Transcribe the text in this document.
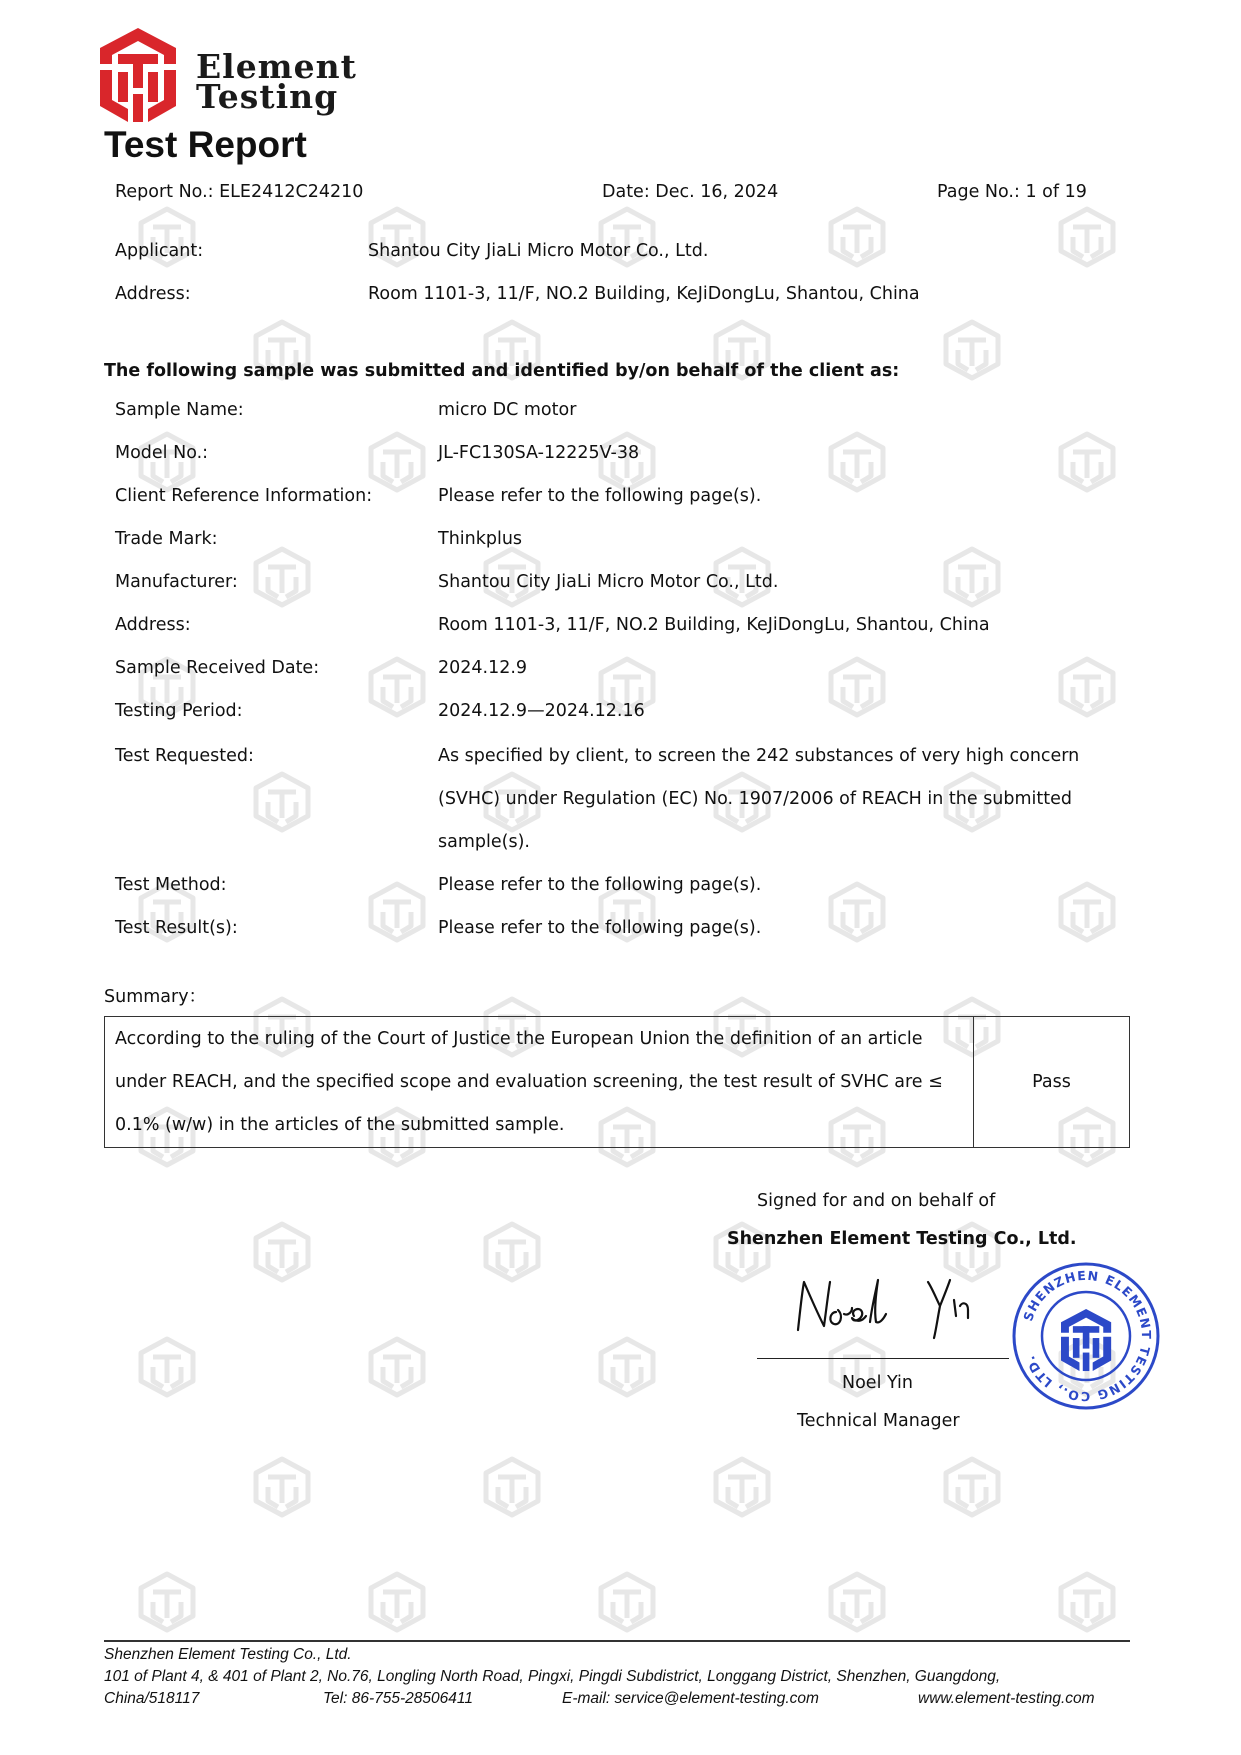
Element
Testing
Test Report
Report No.: ELE2412C24210	Date: Dec. 16, 2024	Page No.: 1 of 19
Applicant:	Shantou City JiaLi Micro Motor Co., Ltd.
Address:	Room 1101-3, 11/F, NO.2 Building, KeJiDongLu, Shantou, China
The following sample was submitted and identified by/on behalf of the client as:
Sample Name:	micro DC motor
Model No.:	JL-FC130SA-12225V-38
Client Reference Information:	Please refer to the following page(s).
Trade Mark:	Thinkplus
Manufacturer:	Shantou City JiaLi Micro Motor Co., Ltd.
Address:	Room 1101-3, 11/F, NO.2 Building, KeJiDongLu, Shantou, China
Sample Received Date:	2024.12.9
Testing Period:	2024.12.9—2024.12.16
Test Requested:	As specified by client, to screen the 242 substances of very high concern
(SVHC) under Regulation (EC) No. 1907/2006 of REACH in the submitted
sample(s).
Test Method:	Please refer to the following page(s).
Test Result(s):	Please refer to the following page(s).
Summary：
According to the ruling of the Court of Justice the European Union the definition of an article
under REACH, and the specified scope and evaluation screening, the test result of SVHC are ≤
0.1% (w/w) in the articles of the submitted sample.
	Pass
Signed for and on behalf of
Shenzhen Element Testing Co., Ltd.
SHENZHEN ELEMENT TESTING CO., LTD.
Noel Yin
Technical Manager
Shenzhen Element Testing Co., Ltd.
101 of Plant 4, & 401 of Plant 2, No.76, Longling North Road, Pingxi, Pingdi Subdistrict, Longgang District, Shenzhen, Guangdong,
China/518117	Tel: 86-755-28506411	E-mail: service@element-testing.com	www.element-testing.com
